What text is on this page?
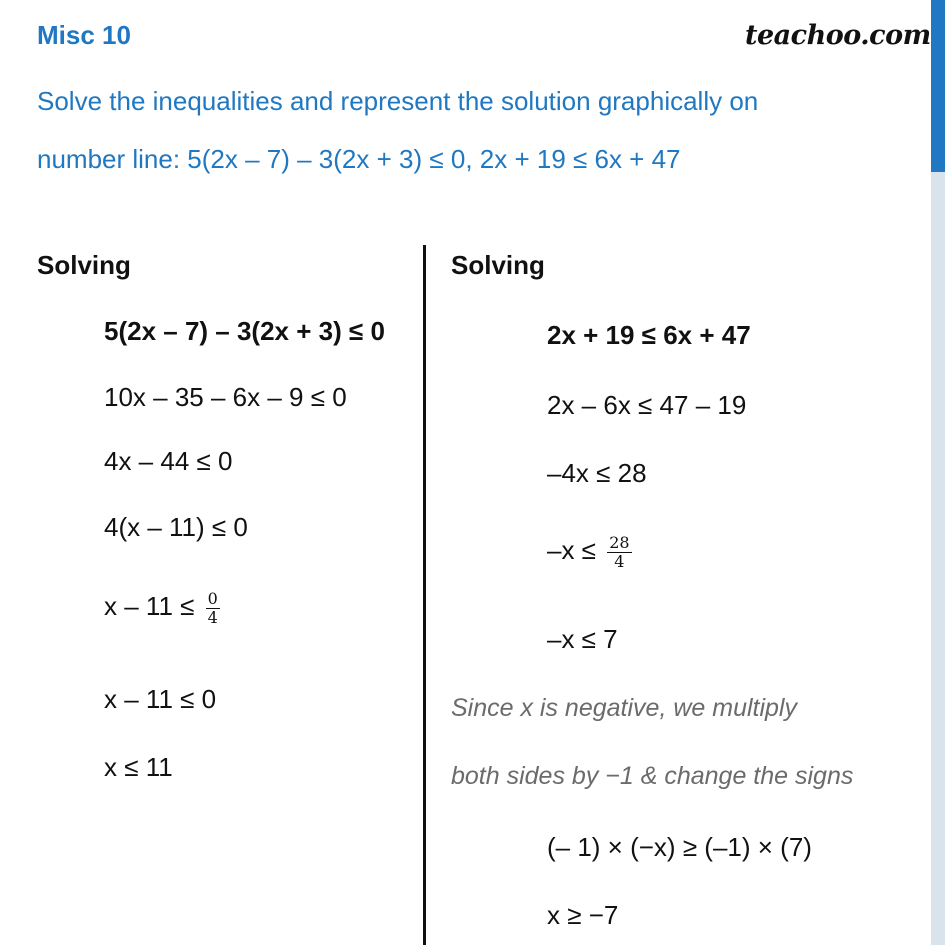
Misc 10	teachoo.com
Solve the inequalities and represent the solution graphically on
number line: 5(2x – 7) – 3(2x + 3) ≤ 0, 2x + 19 ≤ 6x + 47
Solving
5(2x – 7) – 3(2x + 3) ≤ 0
10x – 35 – 6x – 9 ≤ 0
4x – 44 ≤ 0
4(x – 11) ≤ 0
$x - 11 \le \frac{0}{4}$
x – 11 ≤ 0
x ≤ 11
Solving
2x + 19 ≤ 6x + 47
2x – 6x ≤ 47 – 19
–4x ≤ 28
$-x \le \frac{28}{4}$
–x ≤ 7
Since x is negative, we multiply
both sides by −1 & change the signs
(– 1) × (−x) ≥ (–1) × (7)
x ≥ −7
